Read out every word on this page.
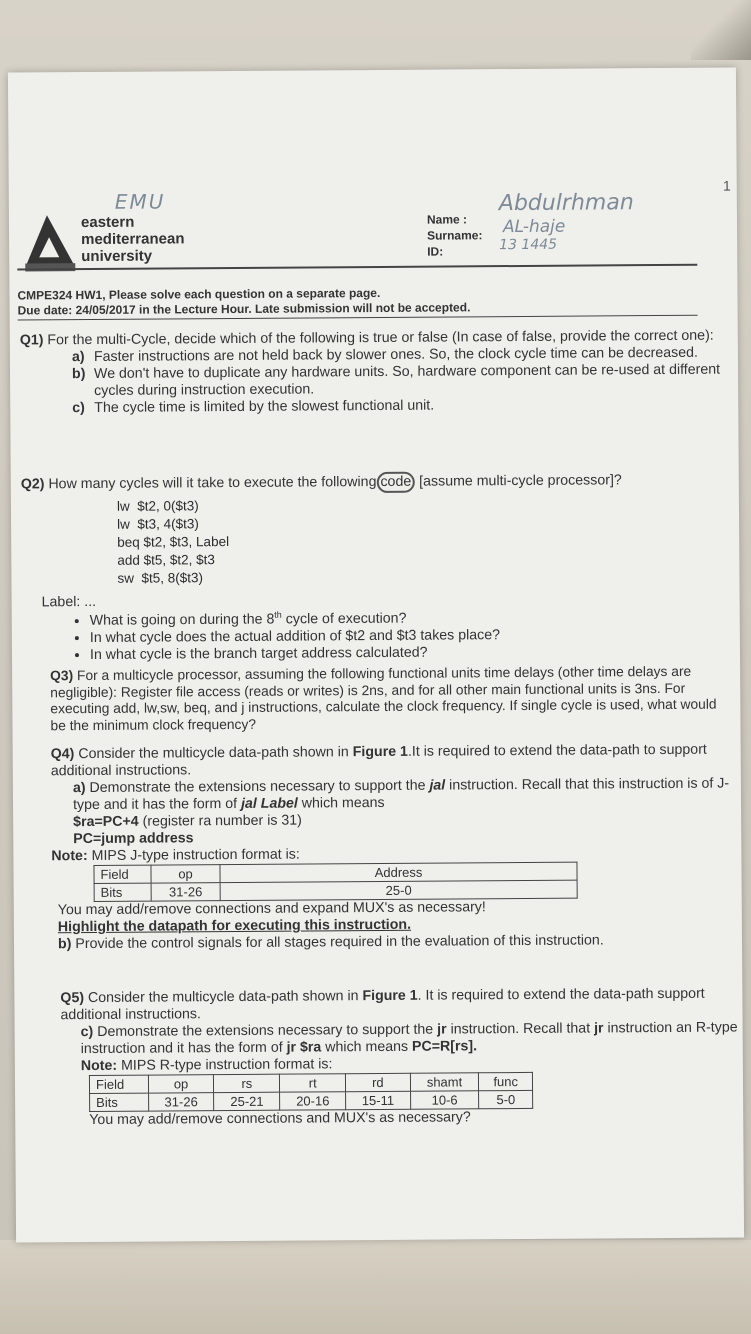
1
EMU
eastern
mediterranean
university
Name :
Surname:
ID:
Abdulrhman
AL-haje
13 1445
CMPE324 HW1, Please solve each question on a separate page.
Due date: 24/05/2017 in the Lecture Hour. Late submission will not be accepted.

Q1) For the multi-Cycle, decide which of the following is true or false (In case of false, provide the correct one):

a) Faster instructions are not held back by slower ones. So, the clock cycle time can be decreased.

b) We don't have to duplicate any hardware units. So, hardware component can be re-used at different cycles during instruction execution.

c) The cycle time is limited by the slowest functional unit.

Q2) How many cycles will it take to execute the following code [assume multi-cycle processor]?

lw  $t2, 0($t3)
lw  $t3, 4($t3)
beq $t2, $t3, Label
add $t5, $t2, $t3
sw  $t5, 8($t3)
Label: ...
• What is going on during the 8th cycle of execution?
• In what cycle does the actual addition of $t2 and $t3 takes place?
• In what cycle is the branch target address calculated?

Q3) For a multicycle processor, assuming the following functional units time delays (other time delays are negligible): Register file access (reads or writes) is 2ns, and for all other main functional units is 3ns. For executing add, lw,sw, beq, and j instructions, calculate the clock frequency. If single cycle is used, what would be the minimum clock frequency?

Q4) Consider the multicycle data-path shown in Figure 1.It is required to extend the data-path to support additional instructions.

a) Demonstrate the extensions necessary to support the jal instruction. Recall that this instruction is of J-type and it has the form of jal Label which means

$ra=PC+4 (register ra number is 31)

PC=jump address

Note: MIPS J-type instruction format is:

Field	op	Address
Bits	31-26	25-0

You may add/remove connections and expand MUX's as necessary!

Highlight the datapath for executing this instruction.

b) Provide the control signals for all stages required in the evaluation of this instruction.

Q5) Consider the multicycle data-path shown in Figure 1. It is required to extend the data-path support additional instructions.

c) Demonstrate the extensions necessary to support the jr instruction. Recall that jr instruction an R-type instruction and it has the form of jr $ra which means PC=R[rs].

Note: MIPS R-type instruction format is:

Field	op	rs	rt	rd	shamt	func
Bits	31-26	25-21	20-16	15-11	10-6	5-0

You may add/remove connections and MUX's as necessary?
